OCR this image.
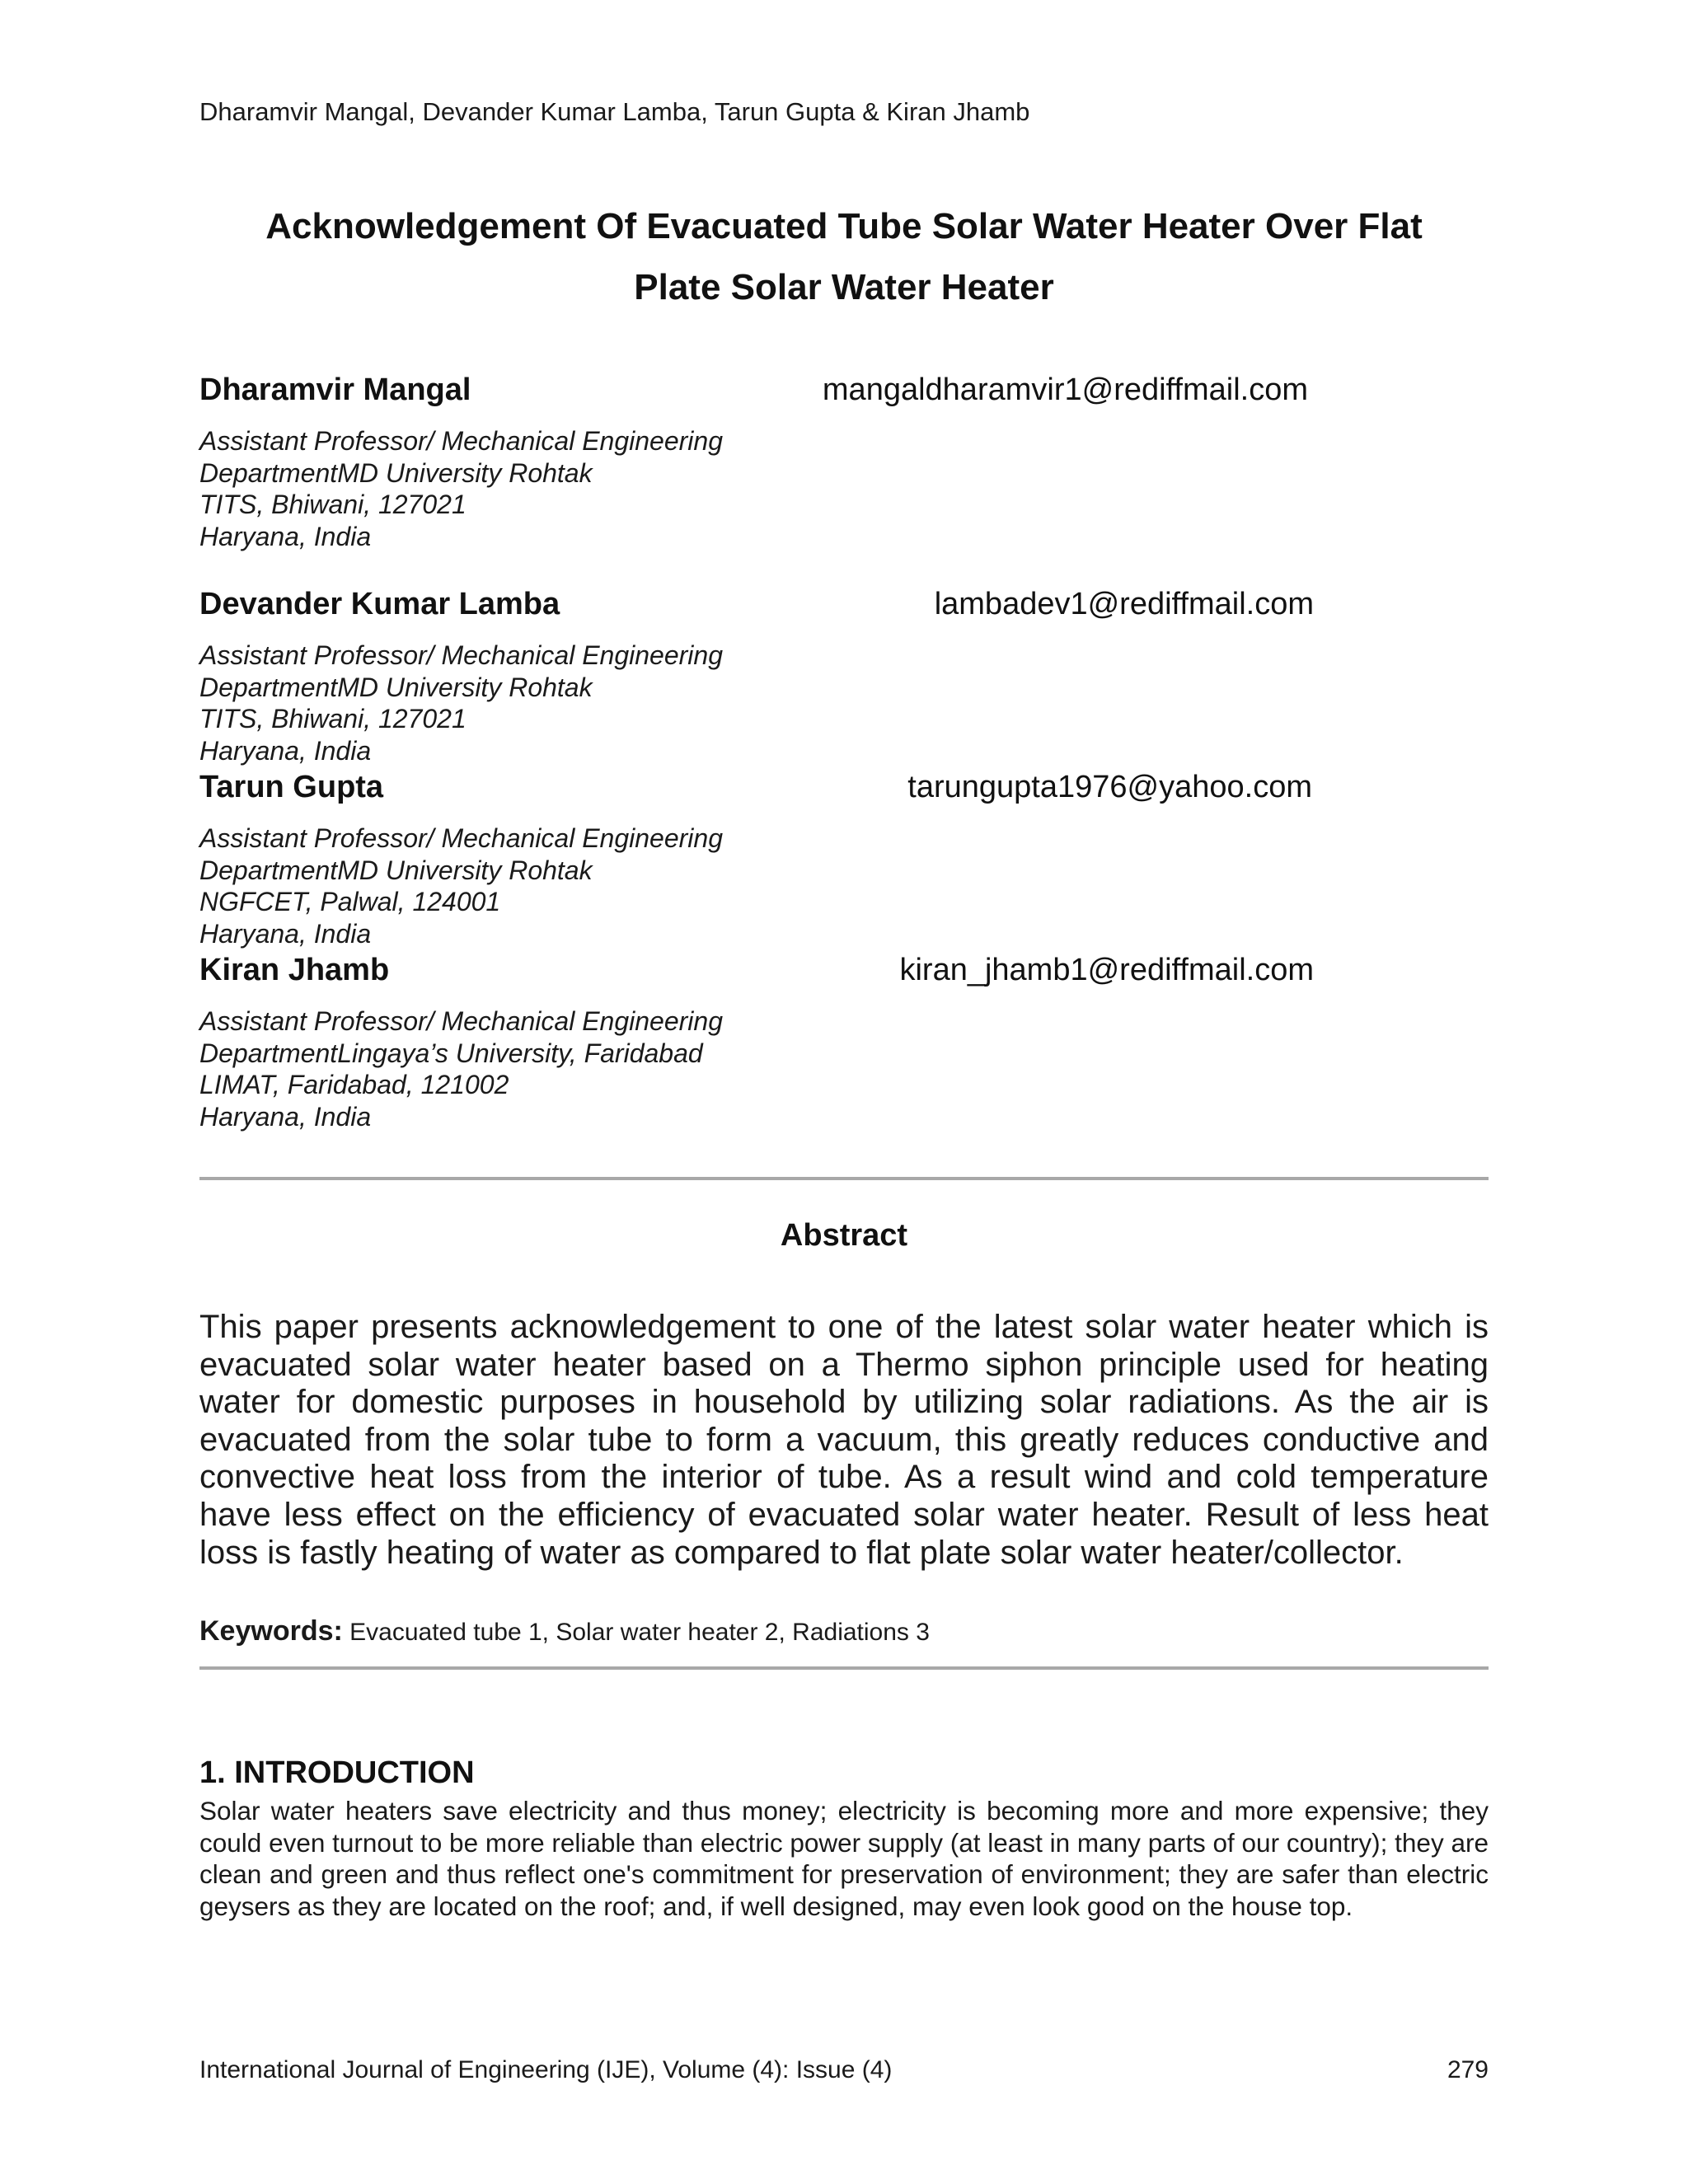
Dharamvir Mangal, Devander Kumar Lamba, Tarun Gupta & Kiran Jhamb
Acknowledgement Of Evacuated Tube Solar Water Heater Over Flat
Plate Solar Water Heater
Dharamvir Mangal	mangaldharamvir1@rediffmail.com
Assistant Professor/ Mechanical Engineering
DepartmentMD University Rohtak
TITS, Bhiwani, 127021
Haryana, India
Devander Kumar Lamba	lambadev1@rediffmail.com
Assistant Professor/ Mechanical Engineering
DepartmentMD University Rohtak
TITS, Bhiwani, 127021
Haryana, India
Tarun Gupta	tarungupta1976@yahoo.com
Assistant Professor/ Mechanical Engineering
DepartmentMD University Rohtak
NGFCET, Palwal, 124001
Haryana, India
Kiran Jhamb	kiran_jhamb1@rediffmail.com
Assistant Professor/ Mechanical Engineering
DepartmentLingaya’s University, Faridabad
LIMAT, Faridabad, 121002
Haryana, India
Abstract
This paper presents acknowledgement to one of the latest solar water heater which is evacuated solar water heater based on a Thermo siphon principle used for heating water for domestic purposes in household by utilizing solar radiations. As the air is evacuated from the solar tube to form a vacuum, this greatly reduces conductive and convective heat loss from the interior of tube. As a result wind and cold temperature have less effect on the efficiency of evacuated solar water heater. Result of less heat loss is fastly heating of water as compared to flat plate solar water heater/collector.
Keywords: Evacuated tube 1, Solar water heater 2, Radiations 3
1. INTRODUCTION
Solar water heaters save electricity and thus money; electricity is becoming more and more expensive; they could even turnout to be more reliable than electric power supply (at least in many parts of our country); they are clean and green and thus reflect one's commitment for preservation of environment; they are safer than electric geysers as they are located on the roof; and, if well designed, may even look good on the house top.
International Journal of Engineering (IJE), Volume (4): Issue (4)	279
